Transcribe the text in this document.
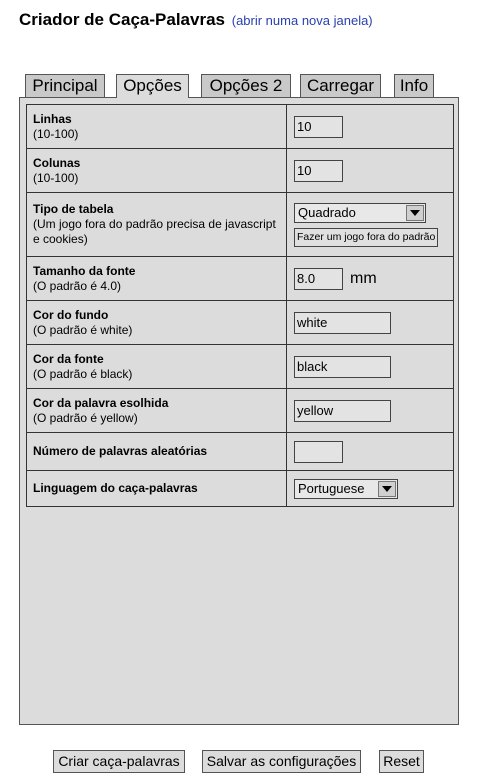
Criador de Caça-Palavras (abrir numa nova janela)
Principal	Opções	Opções 2	Carregar	Info
Linhas
(10-100)	10
Colunas
(10-100)	10
Tipo de tabela
(Um jogo fora do padrão precisa de javascript e cookies)	Quadrado
Fazer um jogo fora do padrão
Tamanho da fonte
(O padrão é 4.0)	8.0 mm
Cor do fundo
(O padrão é white)	white
Cor da fonte
(O padrão é black)	black
Cor da palavra esolhida
(O padrão é yellow)	yellow
Número de palavras aleatórias	
Linguagem do caça-palavras	Portuguese
Criar caça-palavras	Salvar as configurações	Reset
